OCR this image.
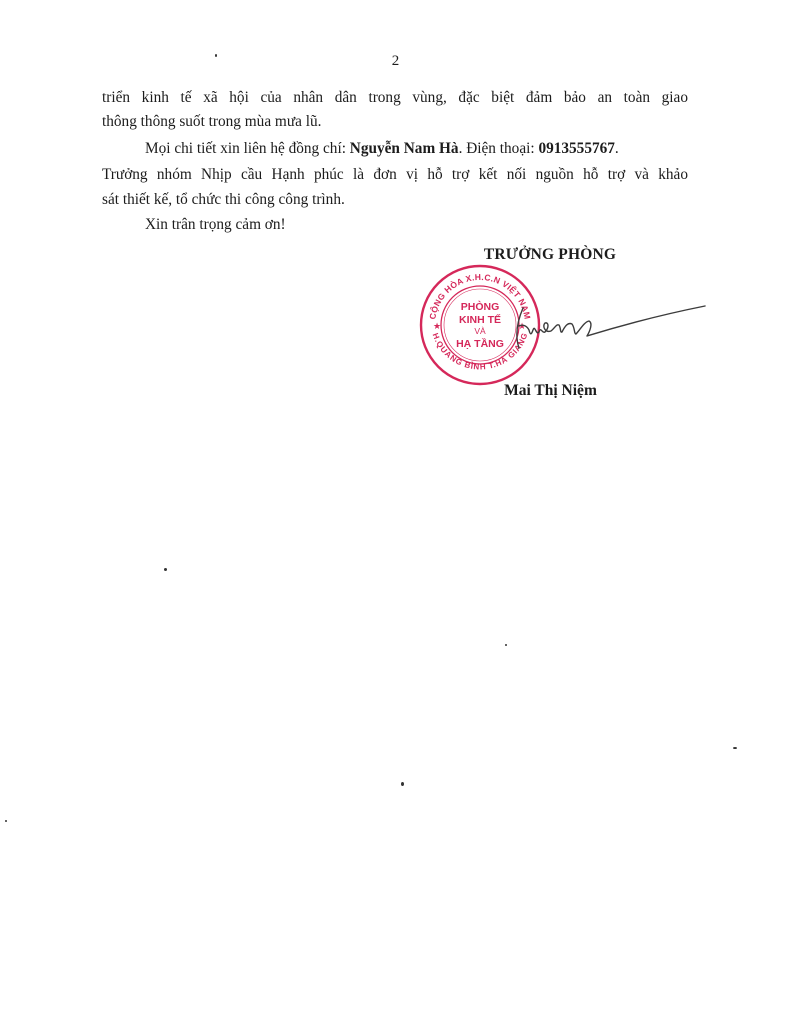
2
triển kinh tế xã hội của nhân dân trong vùng, đặc biệt đảm bảo an toàn giao
thông thông suốt trong mùa mưa lũ.
Mọi chi tiết xin liên hệ đồng chí: Nguyễn Nam Hà. Điện thoại: 0913555767.
Trưởng nhóm Nhịp cầu Hạnh phúc là đơn vị hỗ trợ kết nối nguồn hỗ trợ và khảo
sát thiết kế, tổ chức thi công công trình.
Xin trân trọng cảm ơn!
TRƯỞNG PHÒNG
CỘNG HÒA X.H.C.N VIỆT NAM
H.QUANG BÌNH T.HÀ GIANG
★	★
PHÒNG
KINH TẾ
VÀ
HẠ TẦNG
Mai Thị Niệm
